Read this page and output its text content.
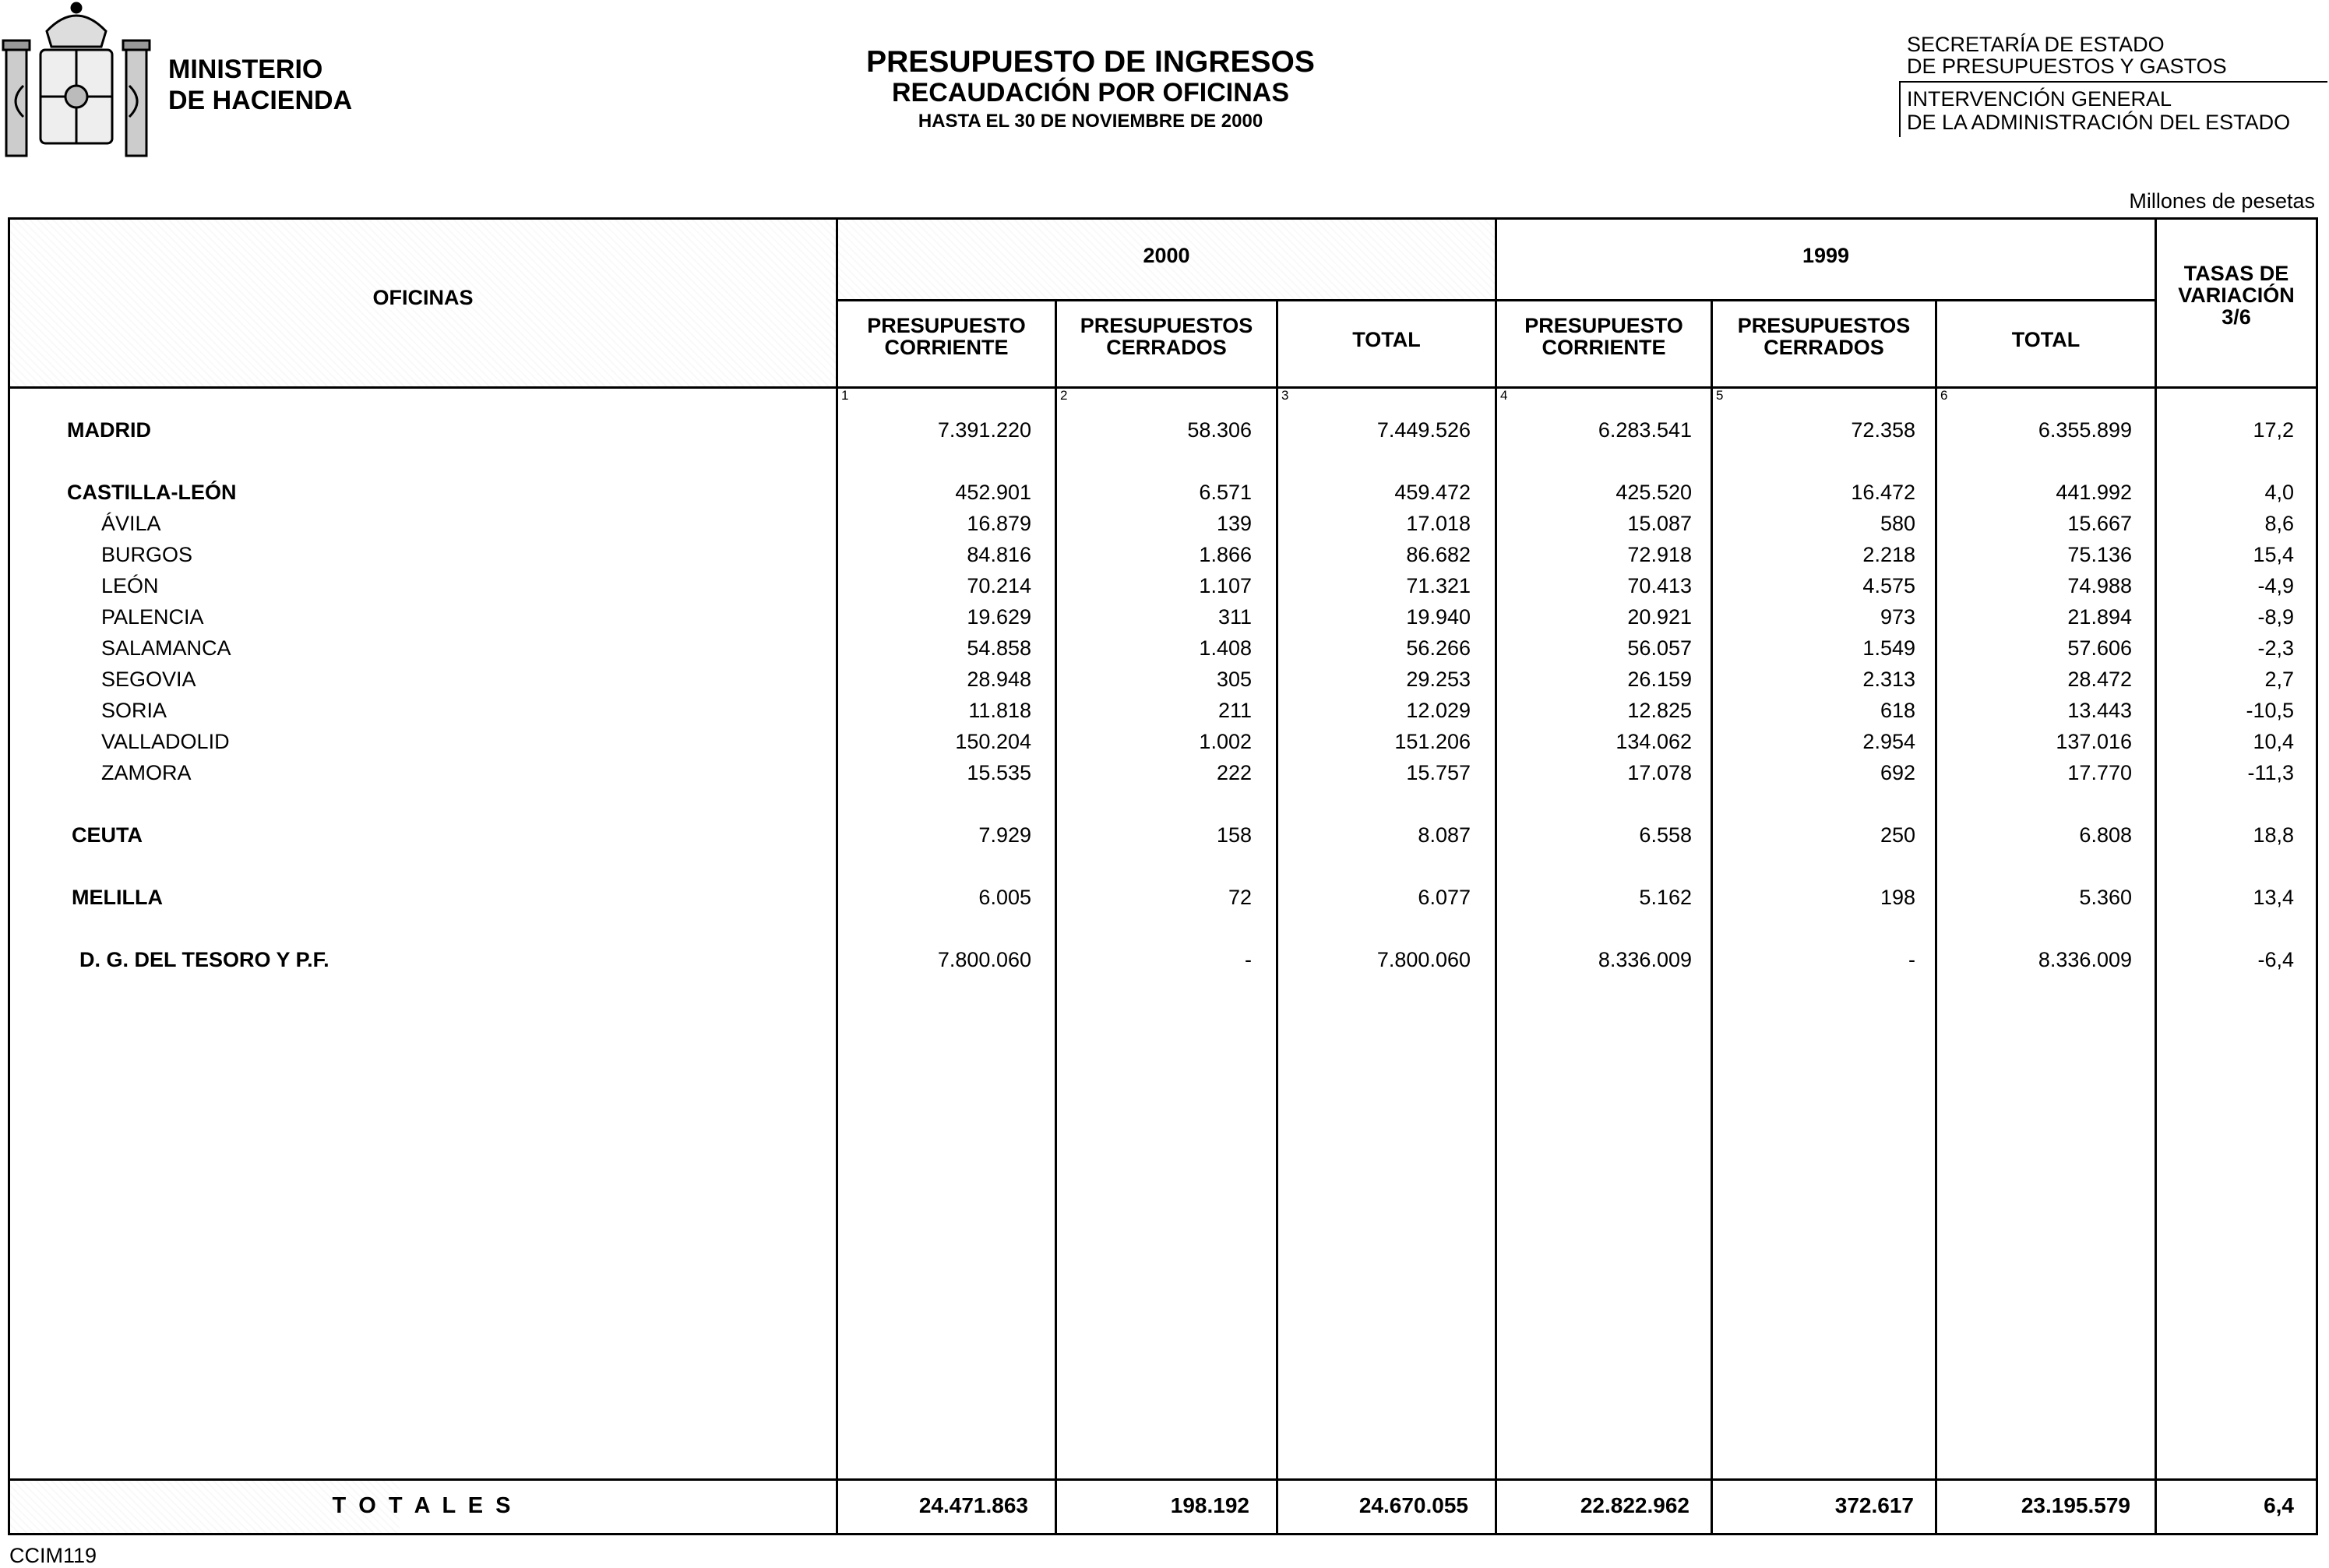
MINISTERIO
DE HACIENDA
PRESUPUESTO DE INGRESOS
RECAUDACIÓN POR OFICINAS
HASTA EL 30 DE NOVIEMBRE DE 2000
SECRETARÍA DE ESTADO
DE PRESUPUESTOS Y GASTOS
INTERVENCIÓN GENERAL
DE LA ADMINISTRACIÓN DEL ESTADO
Millones de pesetas
OFICINAS
2000	1999
TASAS DE
VARIACIÓN
3/6
PRESUPUESTO
CORRIENTE
PRESUPUESTOS
CERRADOS	TOTAL
PRESUPUESTO
CORRIENTE
PRESUPUESTOS
CERRADOS	TOTAL
1	2	3	4	5	6
MADRID	7.391.220	58.306	7.449.526	6.283.541	72.358	6.355.899	17,2
CASTILLA-LEÓN	452.901	6.571	459.472	425.520	16.472	441.992	4,0
ÁVILA	16.879	139	17.018	15.087	580	15.667	8,6
BURGOS	84.816	1.866	86.682	72.918	2.218	75.136	15,4
LEÓN	70.214	1.107	71.321	70.413	4.575	74.988	-4,9
PALENCIA	19.629	311	19.940	20.921	973	21.894	-8,9
SALAMANCA	54.858	1.408	56.266	56.057	1.549	57.606	-2,3
SEGOVIA	28.948	305	29.253	26.159	2.313	28.472	2,7
SORIA	11.818	211	12.029	12.825	618	13.443	-10,5
VALLADOLID	150.204	1.002	151.206	134.062	2.954	137.016	10,4
ZAMORA	15.535	222	15.757	17.078	692	17.770	-11,3
CEUTA	7.929	158	8.087	6.558	250	6.808	18,8
MELILLA	6.005	72	6.077	5.162	198	5.360	13,4
D. G. DEL TESORO Y P.F.	7.800.060	-	7.800.060	8.336.009	-	8.336.009	-6,4
T O T A L E S	24.471.863	198.192	24.670.055	22.822.962	372.617	23.195.579	6,4
CCIM119
